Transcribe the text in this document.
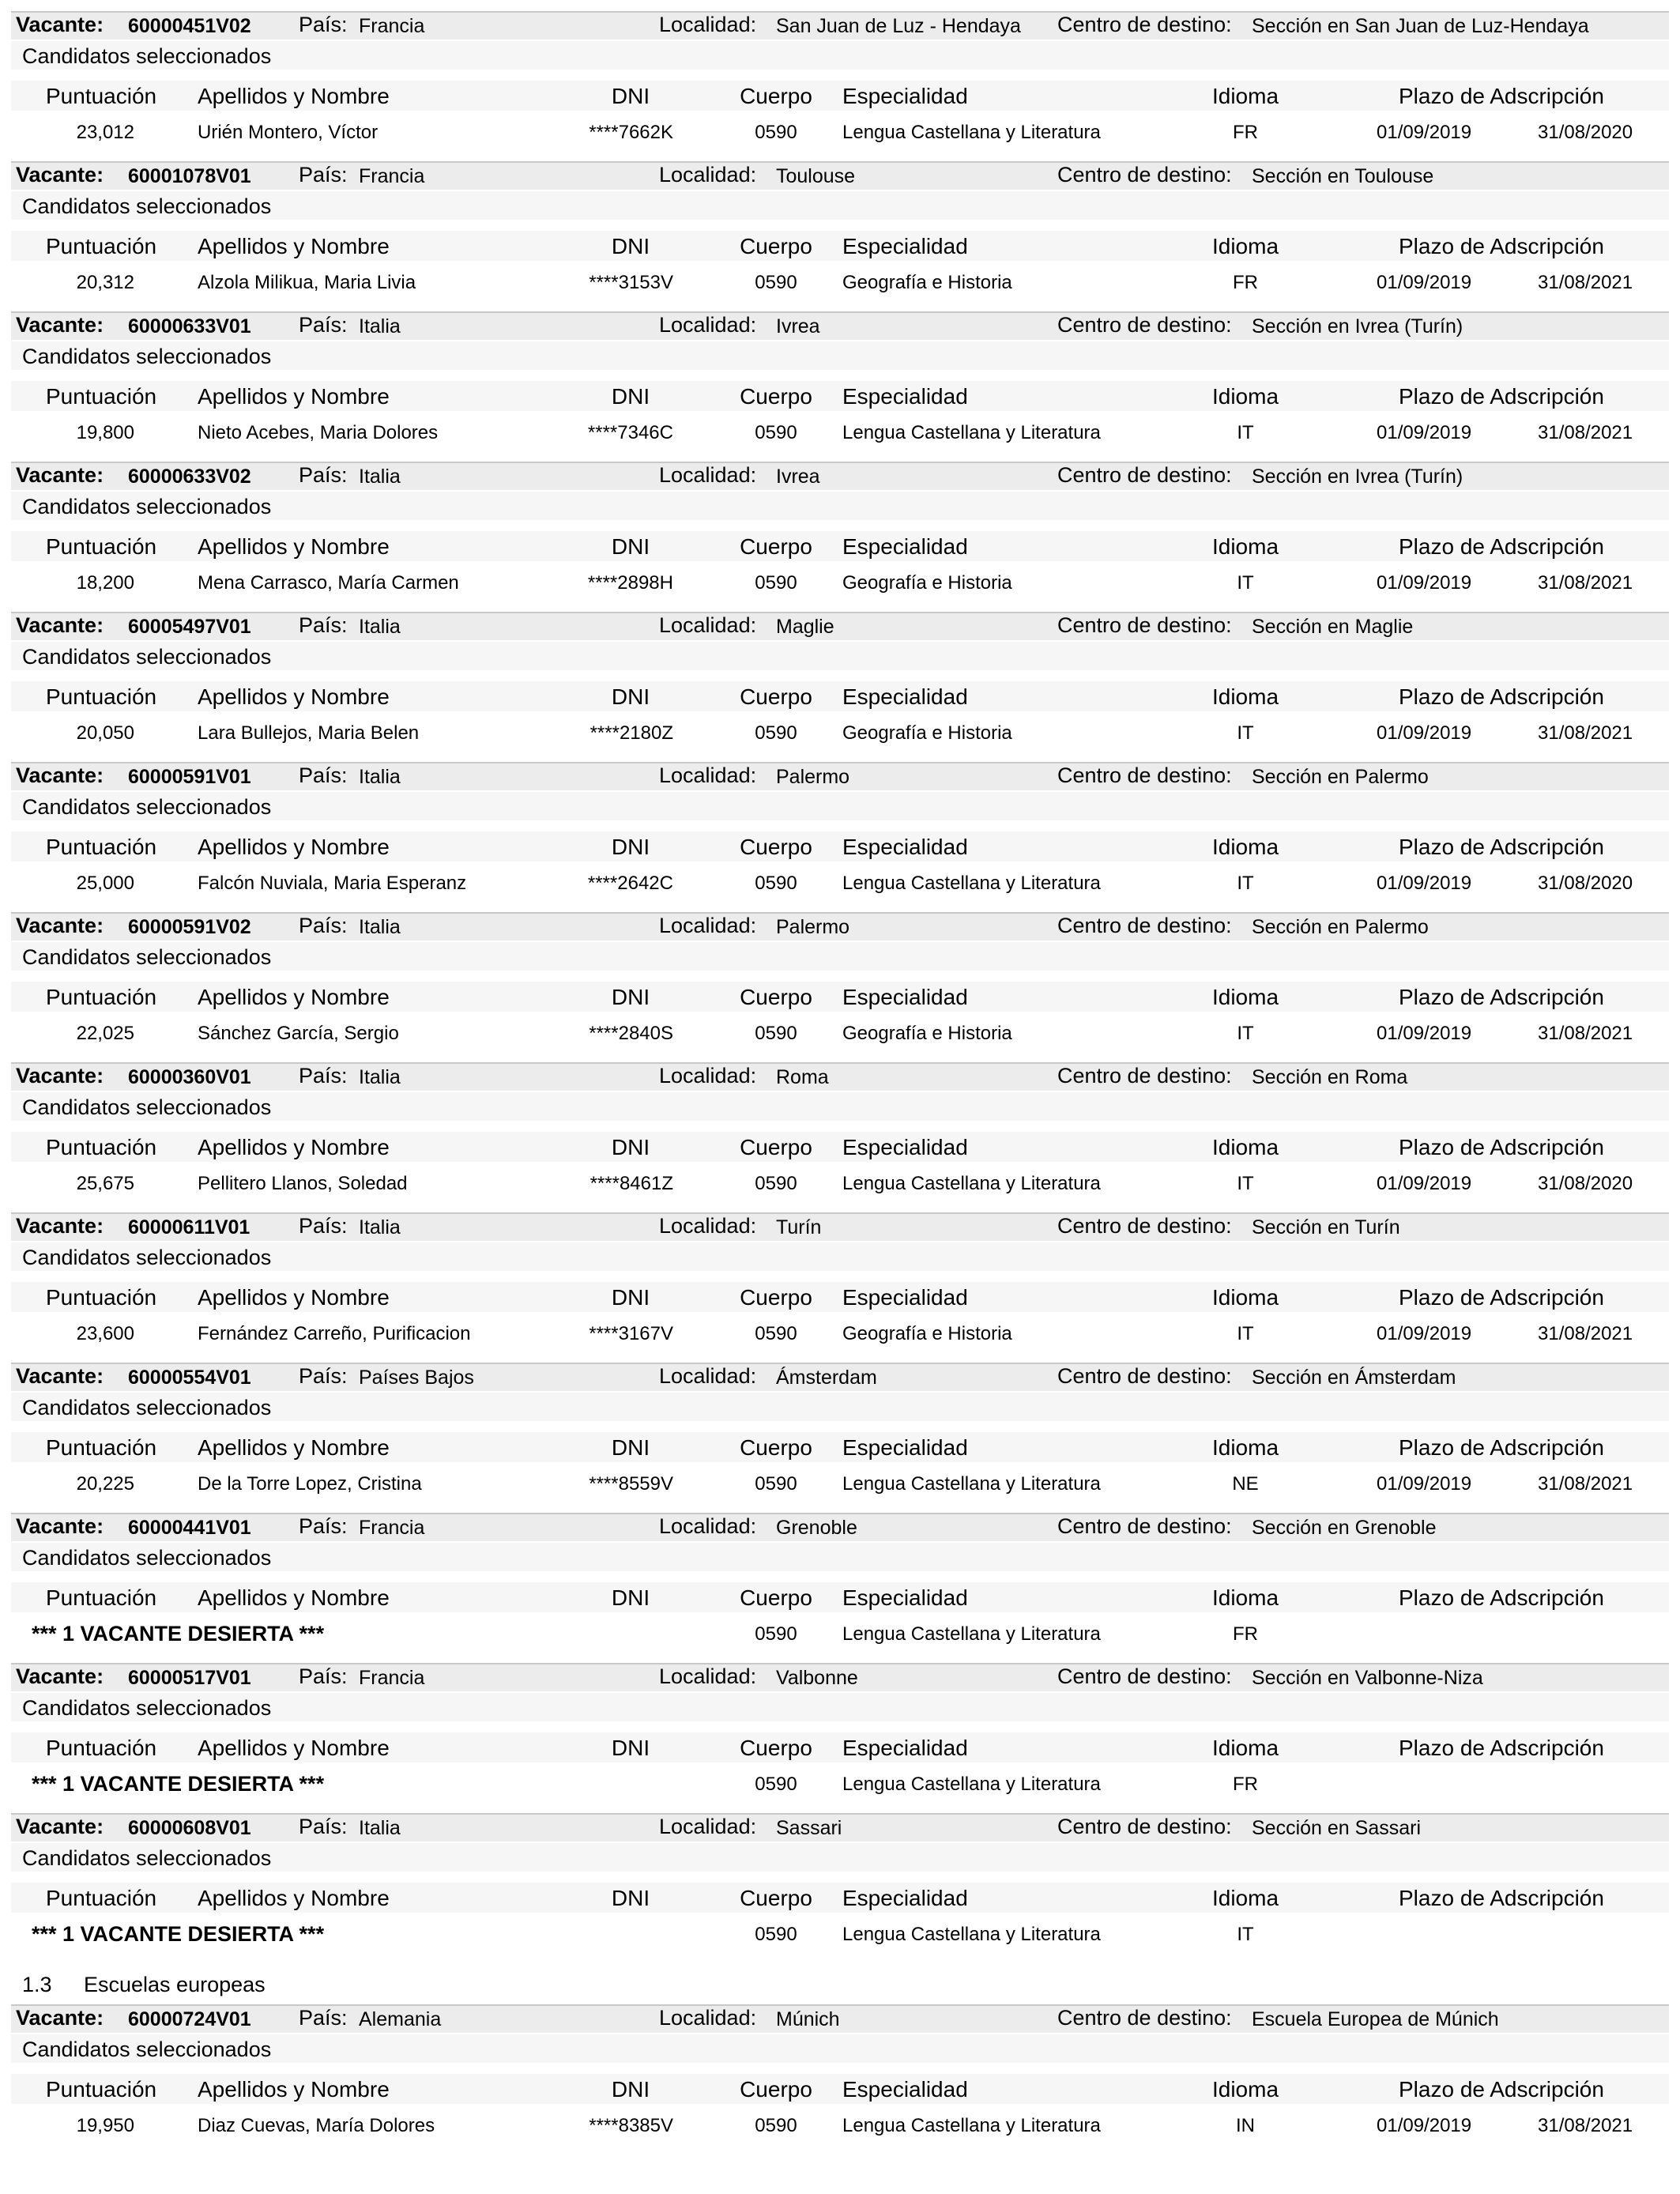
Vacante: 60000451V02 País: Francia	Localidad: San Juan de Luz - Hendaya Centro de destino: Sección en San Juan de Luz-Hendaya
Candidatos seleccionados
Puntuación Apellidos y Nombre	DNI	Cuerpo	Especialidad	Idioma	Plazo de Adscripción
23,012	Urién Montero, Víctor	****7662K	0590	Lengua Castellana y Literatura	FR	01/09/2019	31/08/2020
Vacante: 60001078V01 País: Francia	Localidad: Toulouse	Centro de destino: Sección en Toulouse
Candidatos seleccionados
Puntuación Apellidos y Nombre	DNI	Cuerpo	Especialidad	Idioma	Plazo de Adscripción
20,312	Alzola Milikua, Maria Livia	****3153V	0590	Geografía e Historia	FR	01/09/2019	31/08/2021
Vacante: 60000633V01 País: Italia	Localidad: Ivrea	Centro de destino: Sección en Ivrea (Turín)
Candidatos seleccionados
Puntuación Apellidos y Nombre	DNI	Cuerpo	Especialidad	Idioma	Plazo de Adscripción
19,800	Nieto Acebes, Maria Dolores	****7346C	0590	Lengua Castellana y Literatura	IT	01/09/2019	31/08/2021
Vacante: 60000633V02 País: Italia	Localidad: Ivrea	Centro de destino: Sección en Ivrea (Turín)
Candidatos seleccionados
Puntuación Apellidos y Nombre	DNI	Cuerpo	Especialidad	Idioma	Plazo de Adscripción
18,200	Mena Carrasco, María Carmen	****2898H	0590	Geografía e Historia	IT	01/09/2019	31/08/2021
Vacante: 60005497V01 País: Italia	Localidad: Maglie	Centro de destino: Sección en Maglie
Candidatos seleccionados
Puntuación Apellidos y Nombre	DNI	Cuerpo	Especialidad	Idioma	Plazo de Adscripción
20,050	Lara Bullejos, Maria Belen	****2180Z	0590	Geografía e Historia	IT	01/09/2019	31/08/2021
Vacante: 60000591V01 País: Italia	Localidad: Palermo	Centro de destino: Sección en Palermo
Candidatos seleccionados
Puntuación Apellidos y Nombre	DNI	Cuerpo	Especialidad	Idioma	Plazo de Adscripción
25,000	Falcón Nuviala, Maria Esperanz	****2642C	0590	Lengua Castellana y Literatura	IT	01/09/2019	31/08/2020
Vacante: 60000591V02 País: Italia	Localidad: Palermo	Centro de destino: Sección en Palermo
Candidatos seleccionados
Puntuación Apellidos y Nombre	DNI	Cuerpo	Especialidad	Idioma	Plazo de Adscripción
22,025	Sánchez García, Sergio	****2840S	0590	Geografía e Historia	IT	01/09/2019	31/08/2021
Vacante: 60000360V01 País: Italia	Localidad: Roma	Centro de destino: Sección en Roma
Candidatos seleccionados
Puntuación Apellidos y Nombre	DNI	Cuerpo	Especialidad	Idioma	Plazo de Adscripción
25,675	Pellitero Llanos, Soledad	****8461Z	0590	Lengua Castellana y Literatura	IT	01/09/2019	31/08/2020
Vacante: 60000611V01 País: Italia	Localidad: Turín	Centro de destino: Sección en Turín
Candidatos seleccionados
Puntuación Apellidos y Nombre	DNI	Cuerpo	Especialidad	Idioma	Plazo de Adscripción
23,600	Fernández Carreño, Purificacion	****3167V	0590	Geografía e Historia	IT	01/09/2019	31/08/2021
Vacante: 60000554V01 País: Países Bajos	Localidad: Ámsterdam	Centro de destino: Sección en Ámsterdam
Candidatos seleccionados
Puntuación Apellidos y Nombre	DNI	Cuerpo	Especialidad	Idioma	Plazo de Adscripción
20,225	De la Torre Lopez, Cristina	****8559V	0590	Lengua Castellana y Literatura	NE	01/09/2019	31/08/2021
Vacante: 60000441V01 País: Francia	Localidad: Grenoble	Centro de destino: Sección en Grenoble
Candidatos seleccionados
Puntuación Apellidos y Nombre	DNI	Cuerpo	Especialidad	Idioma	Plazo de Adscripción
*** 1 VACANTE DESIERTA ***	0590	Lengua Castellana y Literatura	FR
Vacante: 60000517V01 País: Francia	Localidad: Valbonne	Centro de destino: Sección en Valbonne-Niza
Candidatos seleccionados
Puntuación Apellidos y Nombre	DNI	Cuerpo	Especialidad	Idioma	Plazo de Adscripción
*** 1 VACANTE DESIERTA ***	0590	Lengua Castellana y Literatura	FR
Vacante: 60000608V01 País: Italia	Localidad: Sassari	Centro de destino: Sección en Sassari
Candidatos seleccionados
Puntuación Apellidos y Nombre	DNI	Cuerpo	Especialidad	Idioma	Plazo de Adscripción
*** 1 VACANTE DESIERTA ***	0590	Lengua Castellana y Literatura	IT
1.3 Escuelas europeas
Vacante: 60000724V01 País: Alemania	Localidad: Múnich	Centro de destino: Escuela Europea de Múnich
Candidatos seleccionados
Puntuación Apellidos y Nombre	DNI	Cuerpo	Especialidad	Idioma	Plazo de Adscripción
19,950	Diaz Cuevas, María Dolores	****8385V	0590	Lengua Castellana y Literatura	IN	01/09/2019	31/08/2021
